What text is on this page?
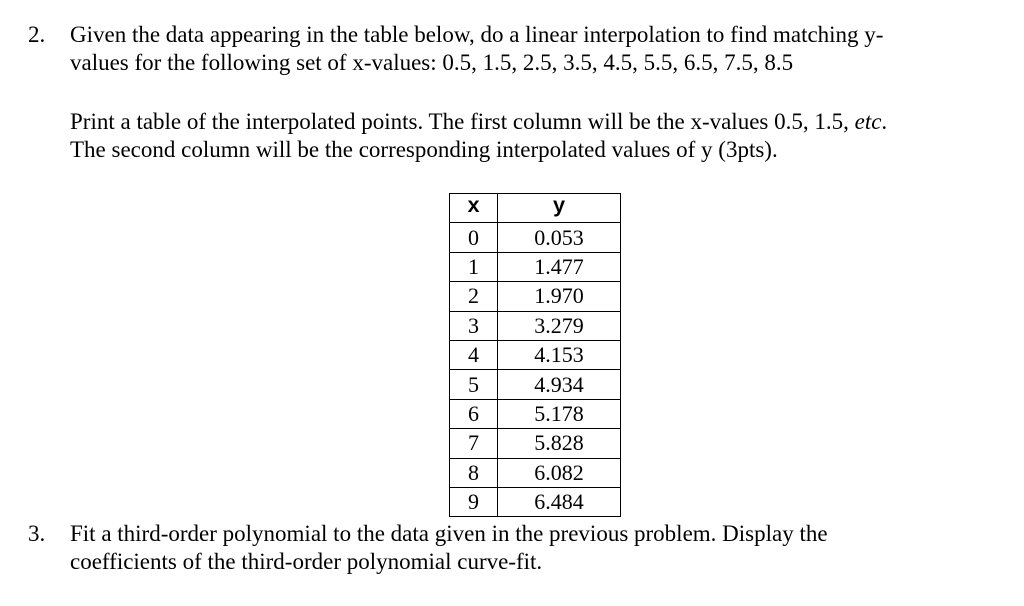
2. Given the data appearing in the table below, do a linear interpolation to find matching y-
values for the following set of x-values: 0.5, 1.5, 2.5, 3.5, 4.5, 5.5, 6.5, 7.5, 8.5

Print a table of the interpolated points. The first column will be the x-values 0.5, 1.5, etc.
The second column will be the corresponding interpolated values of y (3pts).

x	y
0	0.053
1	1.477
2	1.970
3	3.279
4	4.153
5	4.934
6	5.178
7	5.828
8	6.082
9	6.484
3. Fit a third-order polynomial to the data given in the previous problem. Display the
coefficients of the third-order polynomial curve-fit.
